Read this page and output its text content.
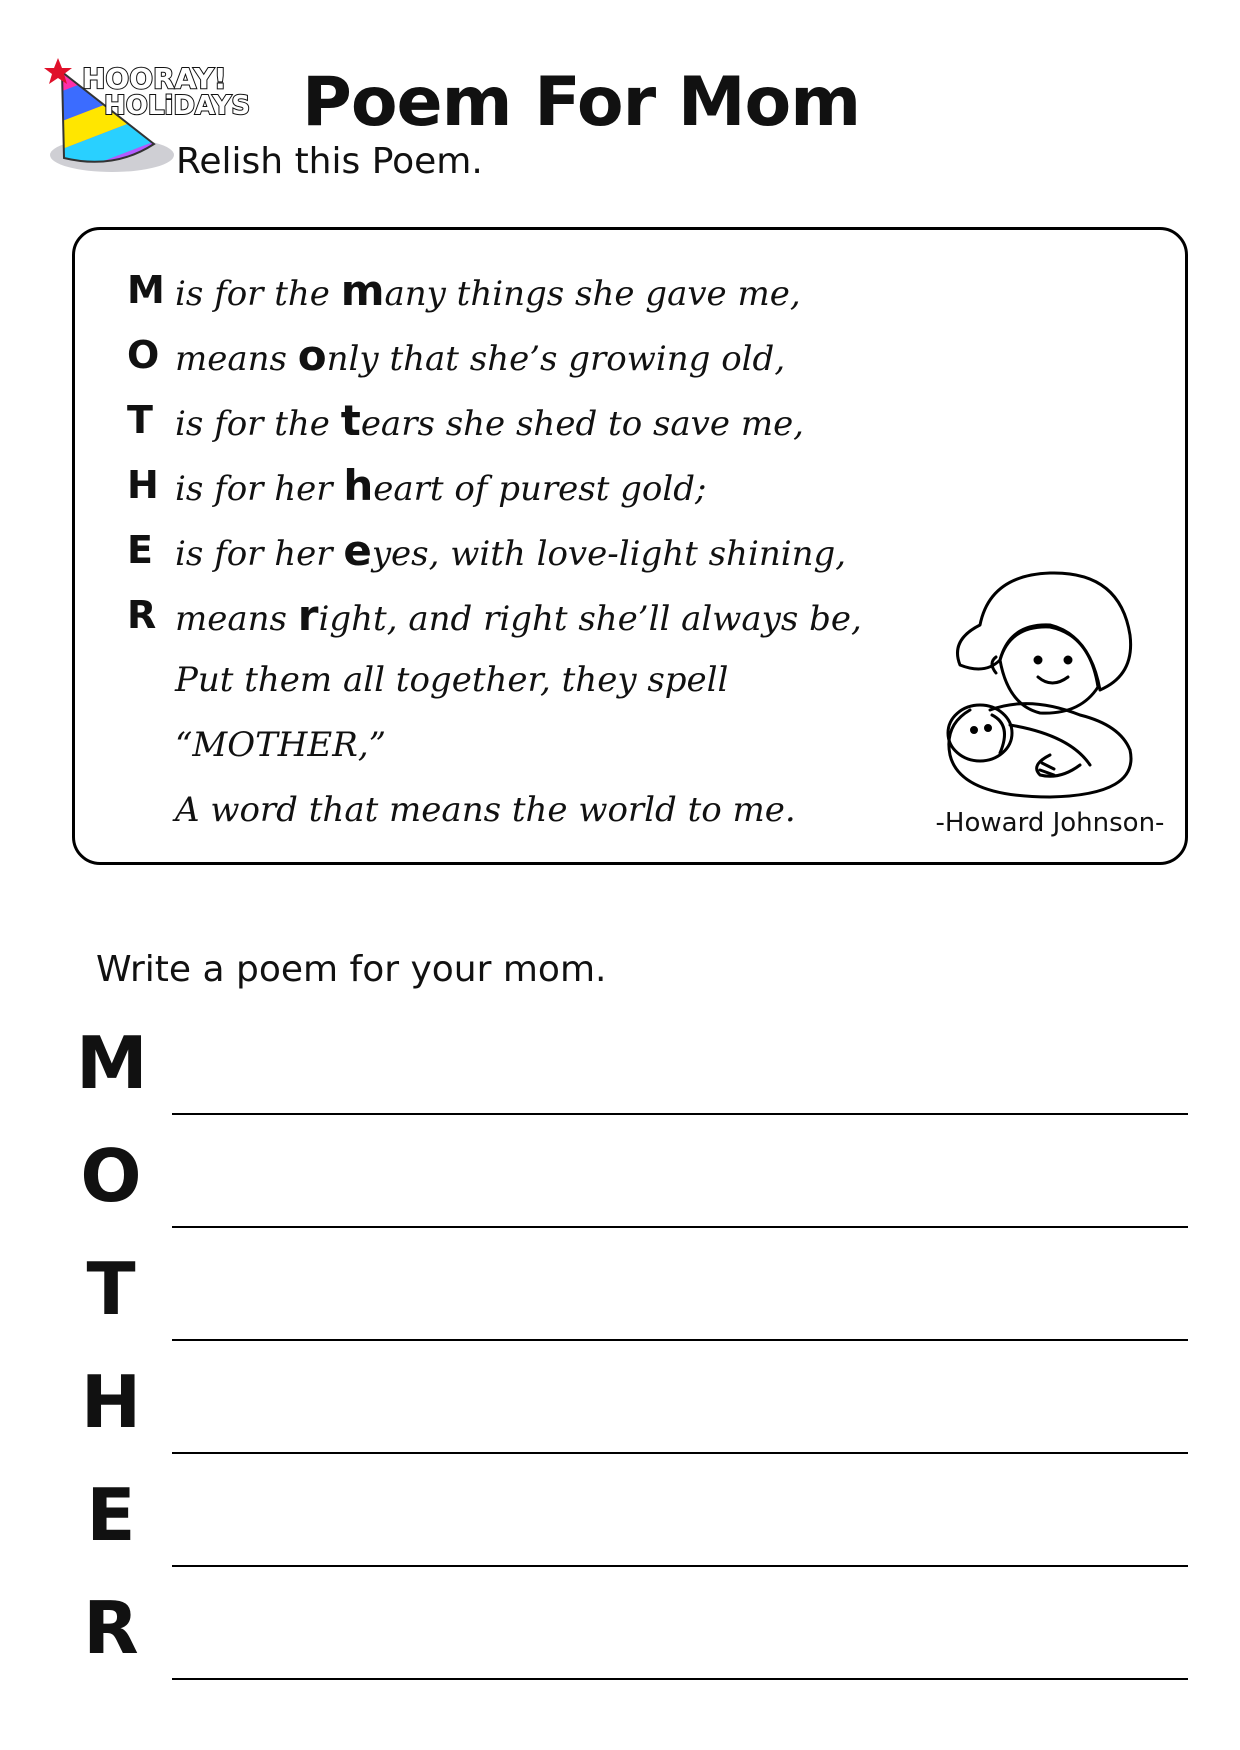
HOORAY!
HOLiDAYS Poem For Mom
Relish this Poem.
M is for the many things she gave me,
O means only that she’s growing old,
T is for the tears she shed to save me,
H is for her heart of purest gold;
E is for her eyes, with love-light shining,
R means right, and right she’ll always be,
Put them all together, they spell
“MOTHER,”
A word that means the world to me.	-Howard Johnson-
Write a poem for your mom.
M
O
T
H
E
R
